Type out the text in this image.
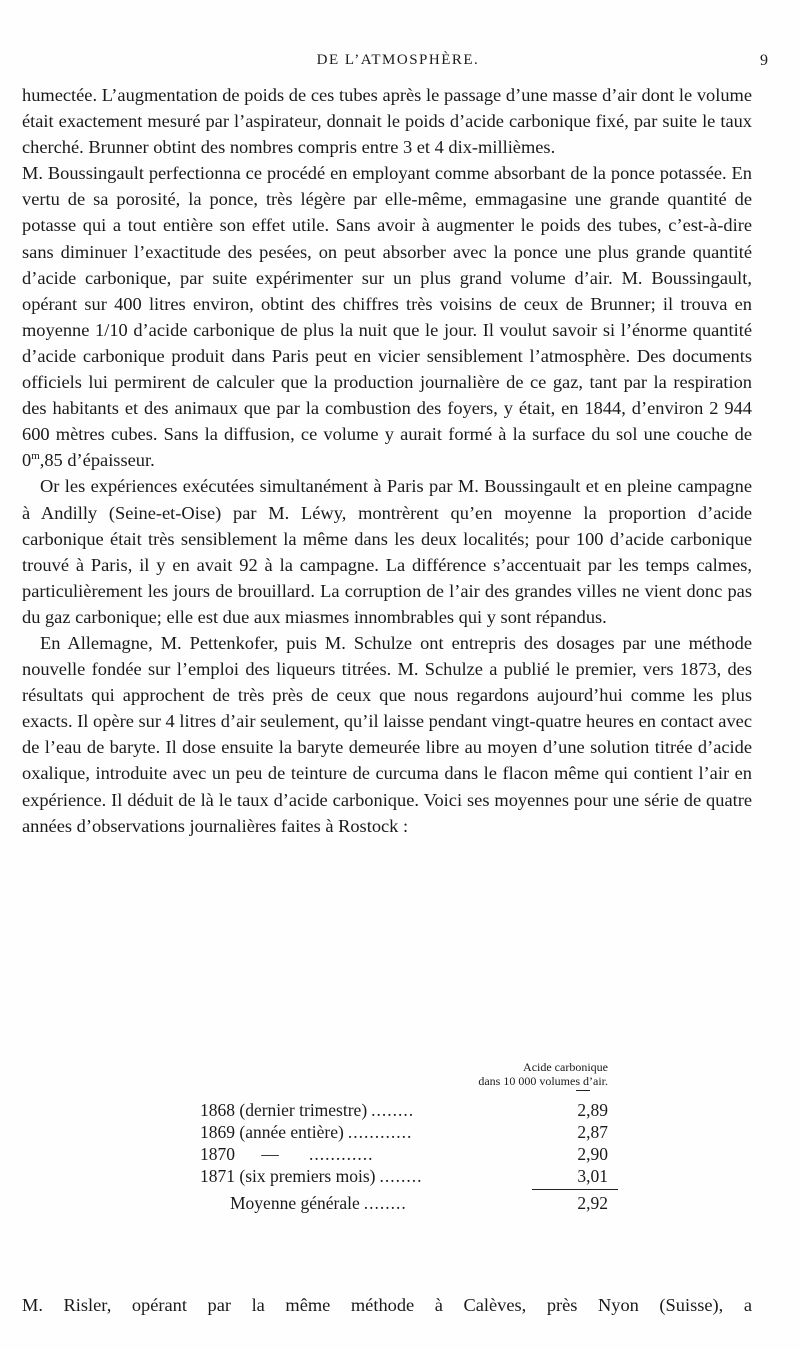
DE L’ATMOSPHÈRE.	9

humectée. L’augmentation de poids de ces tubes après le passage d’une masse d’air dont le volume était exactement mesuré par l’aspirateur, donnait le poids d’acide carbonique fixé, par suite le taux cherché. Brunner obtint des nombres compris entre 3 et 4 dix-millièmes.

M. Boussingault perfectionna ce procédé en employant comme absorbant de la ponce potassée. En vertu de sa porosité, la ponce, très légère par elle-même, emmagasine une grande quantité de potasse qui a tout entière son effet utile. Sans avoir à augmenter le poids des tubes, c’est-à-dire sans diminuer l’exactitude des pesées, on peut absorber avec la ponce une plus grande quantité d’acide carbonique, par suite expérimenter sur un plus grand volume d’air. M. Boussingault, opérant sur 400 litres environ, obtint des chiffres très voisins de ceux de Brunner; il trouva en moyenne 1/10 d’acide carbonique de plus la nuit que le jour. Il voulut savoir si l’énorme quantité d’acide carbonique produit dans Paris peut en vicier sensiblement l’atmosphère. Des documents officiels lui permirent de calculer que la production journalière de ce gaz, tant par la respiration des habitants et des animaux que par la combustion des foyers, y était, en 1844, d’environ 2 944 600 mètres cubes. Sans la diffusion, ce volume y aurait formé à la surface du sol une couche de 0$^m$,85 d’épaisseur.

Or les expériences exécutées simultanément à Paris par M. Boussingault et en pleine campagne à Andilly (Seine-et-Oise) par M. Léwy, montrèrent qu’en moyenne la proportion d’acide carbonique était très sensiblement la même dans les deux localités; pour 100 d’acide carbonique trouvé à Paris, il y en avait 92 à la campagne. La différence s’accentuait par les temps calmes, particulièrement les jours de brouillard. La corruption de l’air des grandes villes ne vient donc pas du gaz carbonique; elle est due aux miasmes innombrables qui y sont répandus.

En Allemagne, M. Pettenkofer, puis M. Schulze ont entrepris des dosages par une méthode nouvelle fondée sur l’emploi des liqueurs titrées. M. Schulze a publié le premier, vers 1873, des résultats qui approchent de très près de ceux que nous regardons aujourd’hui comme les plus exacts. Il opère sur 4 litres d’air seulement, qu’il laisse pendant vingt-quatre heures en contact avec de l’eau de baryte. Il dose ensuite la baryte demeurée libre au moyen d’une solution titrée d’acide oxalique, introduite avec un peu de teinture de curcuma dans le flacon même qui contient l’air en expérience. Il déduit de là le taux d’acide carbonique. Voici ses moyennes pour une série de quatre années d’observations journalières faites à Rostock :

Acide carbonique
dans 10 000 volumes d’air.
1868 (dernier trimestre) ........	2,89
1869 (année entière) ............	2,87
1870      — ............	2,90
1871 (six premiers mois) ........	3,01
Moyenne générale ........	2,92
M. Risler, opérant par la même méthode à Calèves, près Nyon (Suisse), a
